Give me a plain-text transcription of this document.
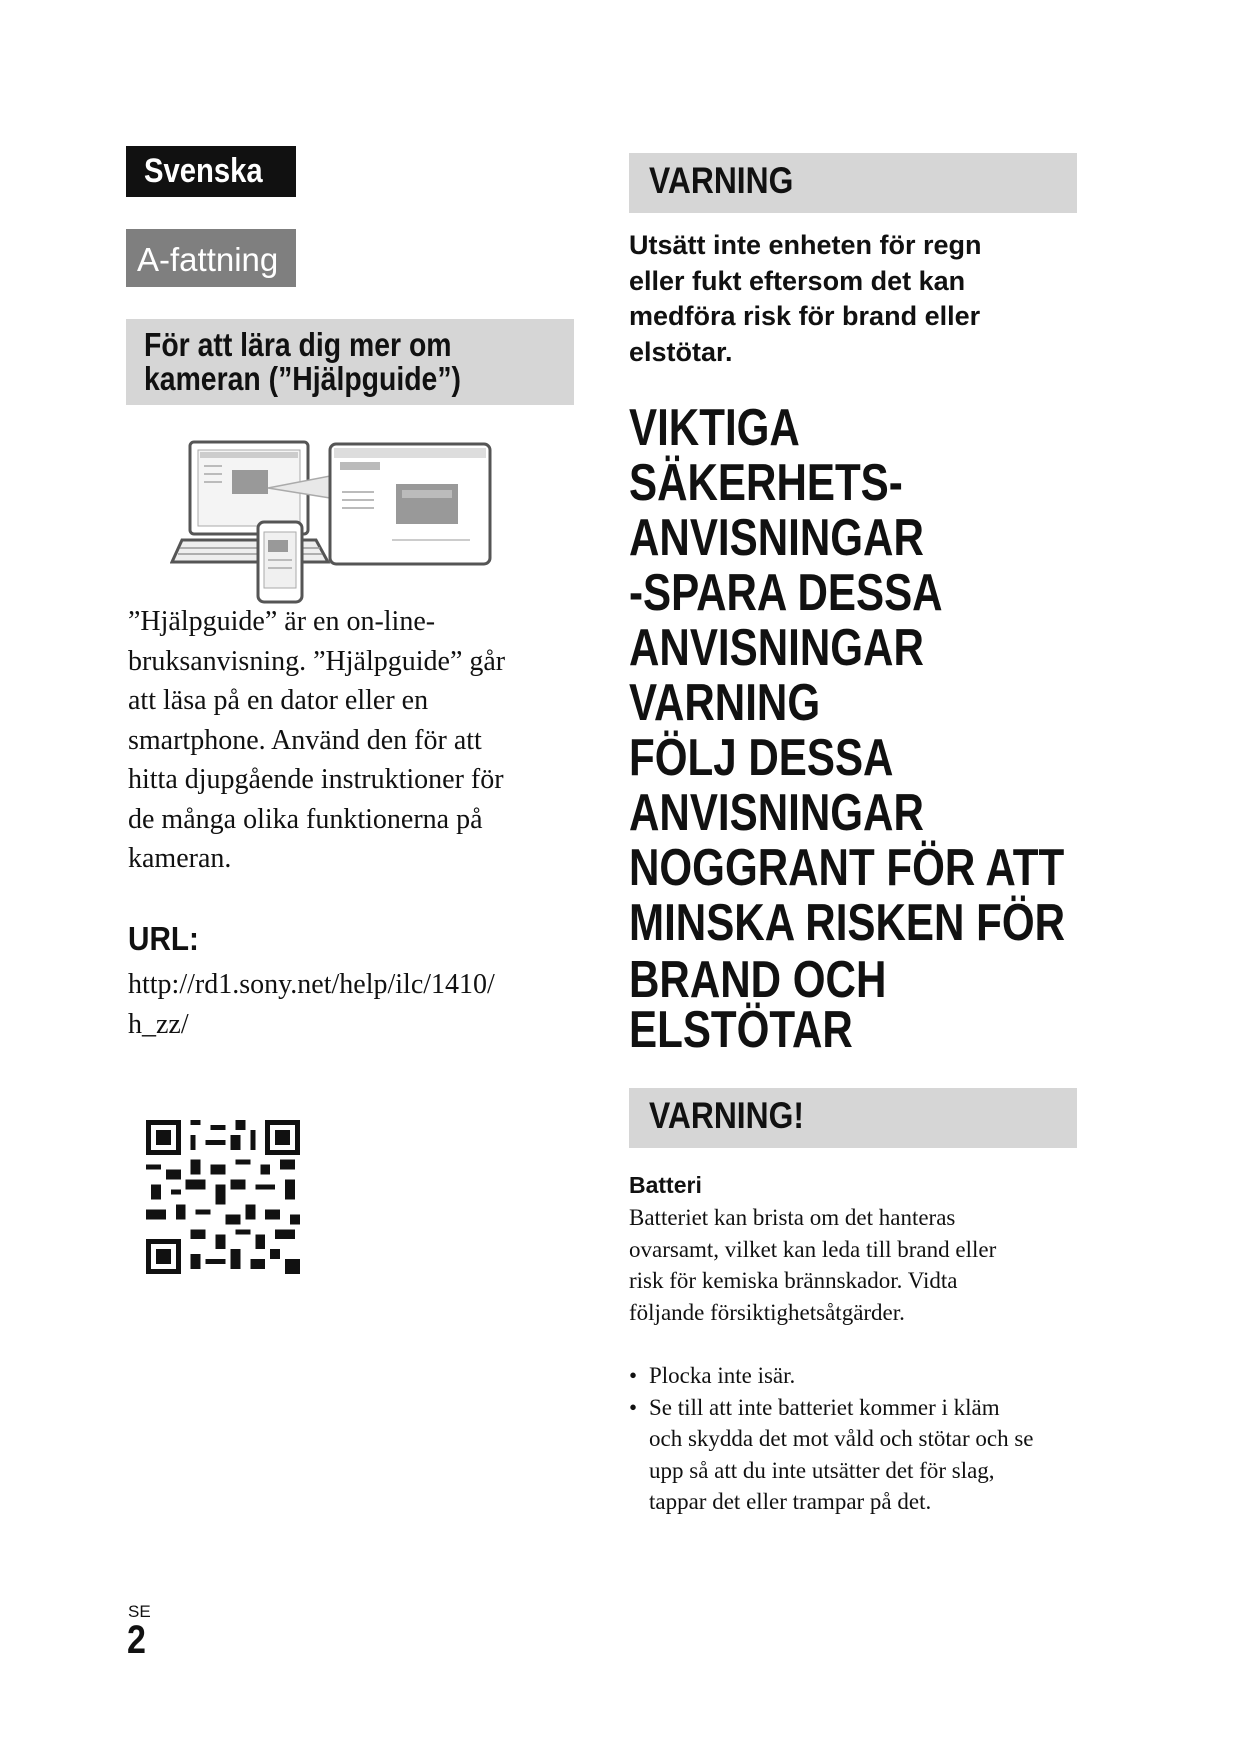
Svenska
A-fattning
För att lära dig mer om
kameran (”Hjälpguide”)
”Hjälpguide” är en on-line-
bruksanvisning. ”Hjälpguide” går
att läsa på en dator eller en
smartphone. Använd den för att
hitta djupgående instruktioner för
de många olika funktionerna på
kameran.
URL:
http://rd1.sony.net/help/ilc/1410/
h_zz/
VARNING
Utsätt inte enheten för regn
eller fukt eftersom det kan
medföra risk för brand eller
elstötar.
VIKTIGA
SÄKERHETS-
ANVISNINGAR
-SPARA DESSA
ANVISNINGAR
VARNING
FÖLJ DESSA
ANVISNINGAR
NOGGRANT FÖR ATT
MINSKA RISKEN FÖR
BRAND OCH
ELSTÖTAR
VARNING!
Batteri
Batteriet kan brista om det hanteras
ovarsamt, vilket kan leda till brand eller
risk för kemiska brännskador. Vidta
följande försiktighetsåtgärder.
• Plocka inte isär.
• Se till att inte batteriet kommer i kläm
och skydda det mot våld och stötar och se
upp så att du inte utsätter det för slag,
tappar det eller trampar på det.
SE
2
